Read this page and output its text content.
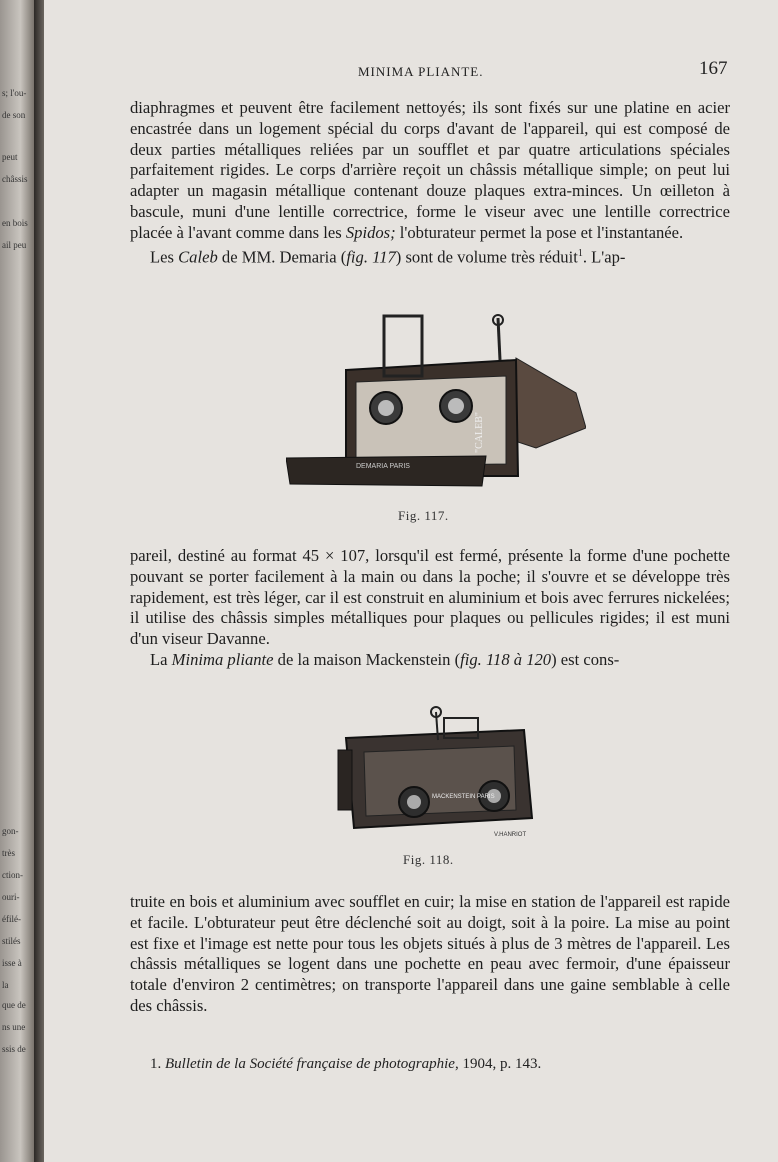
s; l'ou-
de son
peut
châssis
en bois
ail peu
gon-
très
ction-
ouri-
éfilé-
stilés
isse à
la
que de
ns une
ssis de
MINIMA PLIANTE.	167

diaphragmes et peuvent être facilement nettoyés; ils sont fixés sur une platine en acier encastrée dans un logement spécial du corps d'avant de l'appareil, qui est composé de deux parties métalliques reliées par un soufflet et par quatre articulations spéciales parfaitement rigides. Le corps d'arrière reçoit un châssis métallique simple; on peut lui adapter un magasin métallique contenant douze plaques extra-minces. Un œilleton à bascule, muni d'une lentille correctrice, forme le viseur avec une lentille correctrice placée à l'avant comme dans les Spidos; l'obturateur permet la pose et l'instantanée.

Les Caleb de MM. Demaria (fig. 117) sont de volume très réduit$^1$. L'ap-

"CALEB"
DEMARIA PARIS
Fig. 117.

pareil, destiné au format 45 × 107, lorsqu'il est fermé, présente la forme d'une pochette pouvant se porter facilement à la main ou dans la poche; il s'ouvre et se développe très rapidement, est très léger, car il est construit en aluminium et bois avec ferrures nickelées; il utilise des châssis simples métalliques pour plaques ou pellicules rigides; il est muni d'un viseur Davanne.

La Minima pliante de la maison Mackenstein (fig. 118 à 120) est cons-

MACKENSTEIN PARIS
V.HANRIOT
Fig. 118.

truite en bois et aluminium avec soufflet en cuir; la mise en station de l'appareil est rapide et facile. L'obturateur peut être déclenché soit au doigt, soit à la poire. La mise au point est fixe et l'image est nette pour tous les objets situés à plus de 3 mètres de l'appareil. Les châssis métalliques se logent dans une pochette en peau avec fermoir, d'une épaisseur totale d'environ 2 centimètres; on transporte l'appareil dans une gaine semblable à celle des châssis.

1. Bulletin de la Société française de photographie, 1904, p. 143.
